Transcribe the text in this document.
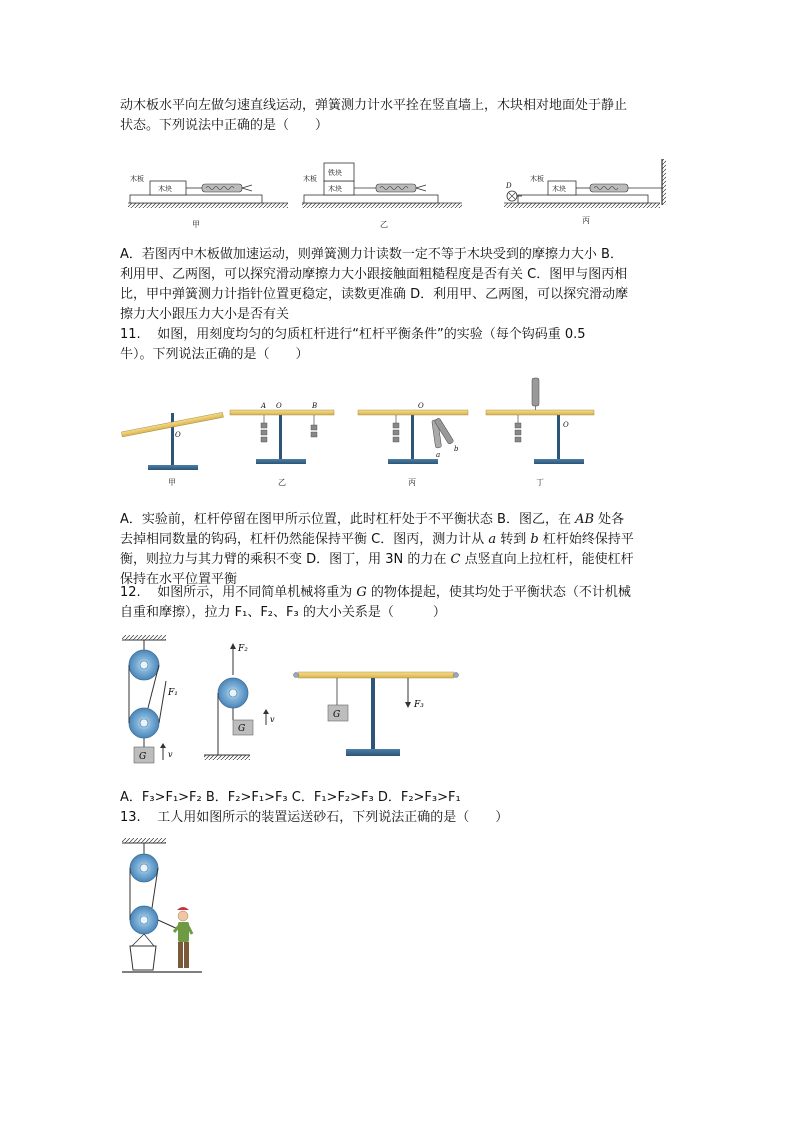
动木板水平向左做匀速直线运动，弹簧测力计水平拴在竖直墙上，木块相对地面处于静止

状态。下列说法中正确的是（　　）

木板
木块
甲
木板
铁块
木块
乙
D
木板
木块
丙

A．若图丙中木板做加速运动，则弹簧测力计读数一定不等于木块受到的摩擦力大小 B．

利用甲、乙两图，可以探究滑动摩擦力大小跟接触面粗糙程度是否有关 C．图甲与图丙相

比，甲中弹簧测力计指针位置更稳定，读数更准确 D．利用甲、乙两图，可以探究滑动摩

擦力大小跟压力大小是否有关

11. 如图，用刻度均匀的匀质杠杆进行“杠杆平衡条件”的实验（每个钩码重 0.5

牛）。下列说法正确的是（　　）

O
甲
A O	B
乙
O
a
b
丙
O
丁

A．实验前，杠杆停留在图甲所示位置，此时杠杆处于不平衡状态 B．图乙，在 AB 处各

去掉相同数量的钩码，杠杆仍然能保持平衡 C．图丙，测力计从 a 转到 b 杠杆始终保持平

衡，则拉力与其力臂的乘积不变 D．图丁，用 3N 的力在 C 点竖直向上拉杠杆，能使杠杆

保持在水平位置平衡

12. 如图所示，用不同简单机械将重为 G 的物体提起，使其均处于平衡状态（不计机械

自重和摩擦），拉力 F₁、F₂、F₃ 的大小关系是（　　　）

G	v
F₁
F₂
G
v	G
F₃

A．F₃>F₁>F₂ B．F₂>F₁>F₃ C．F₁>F₂>F₃ D．F₂>F₃>F₁

13. 工人用如图所示的装置运送砂石，下列说法正确的是（　　）
